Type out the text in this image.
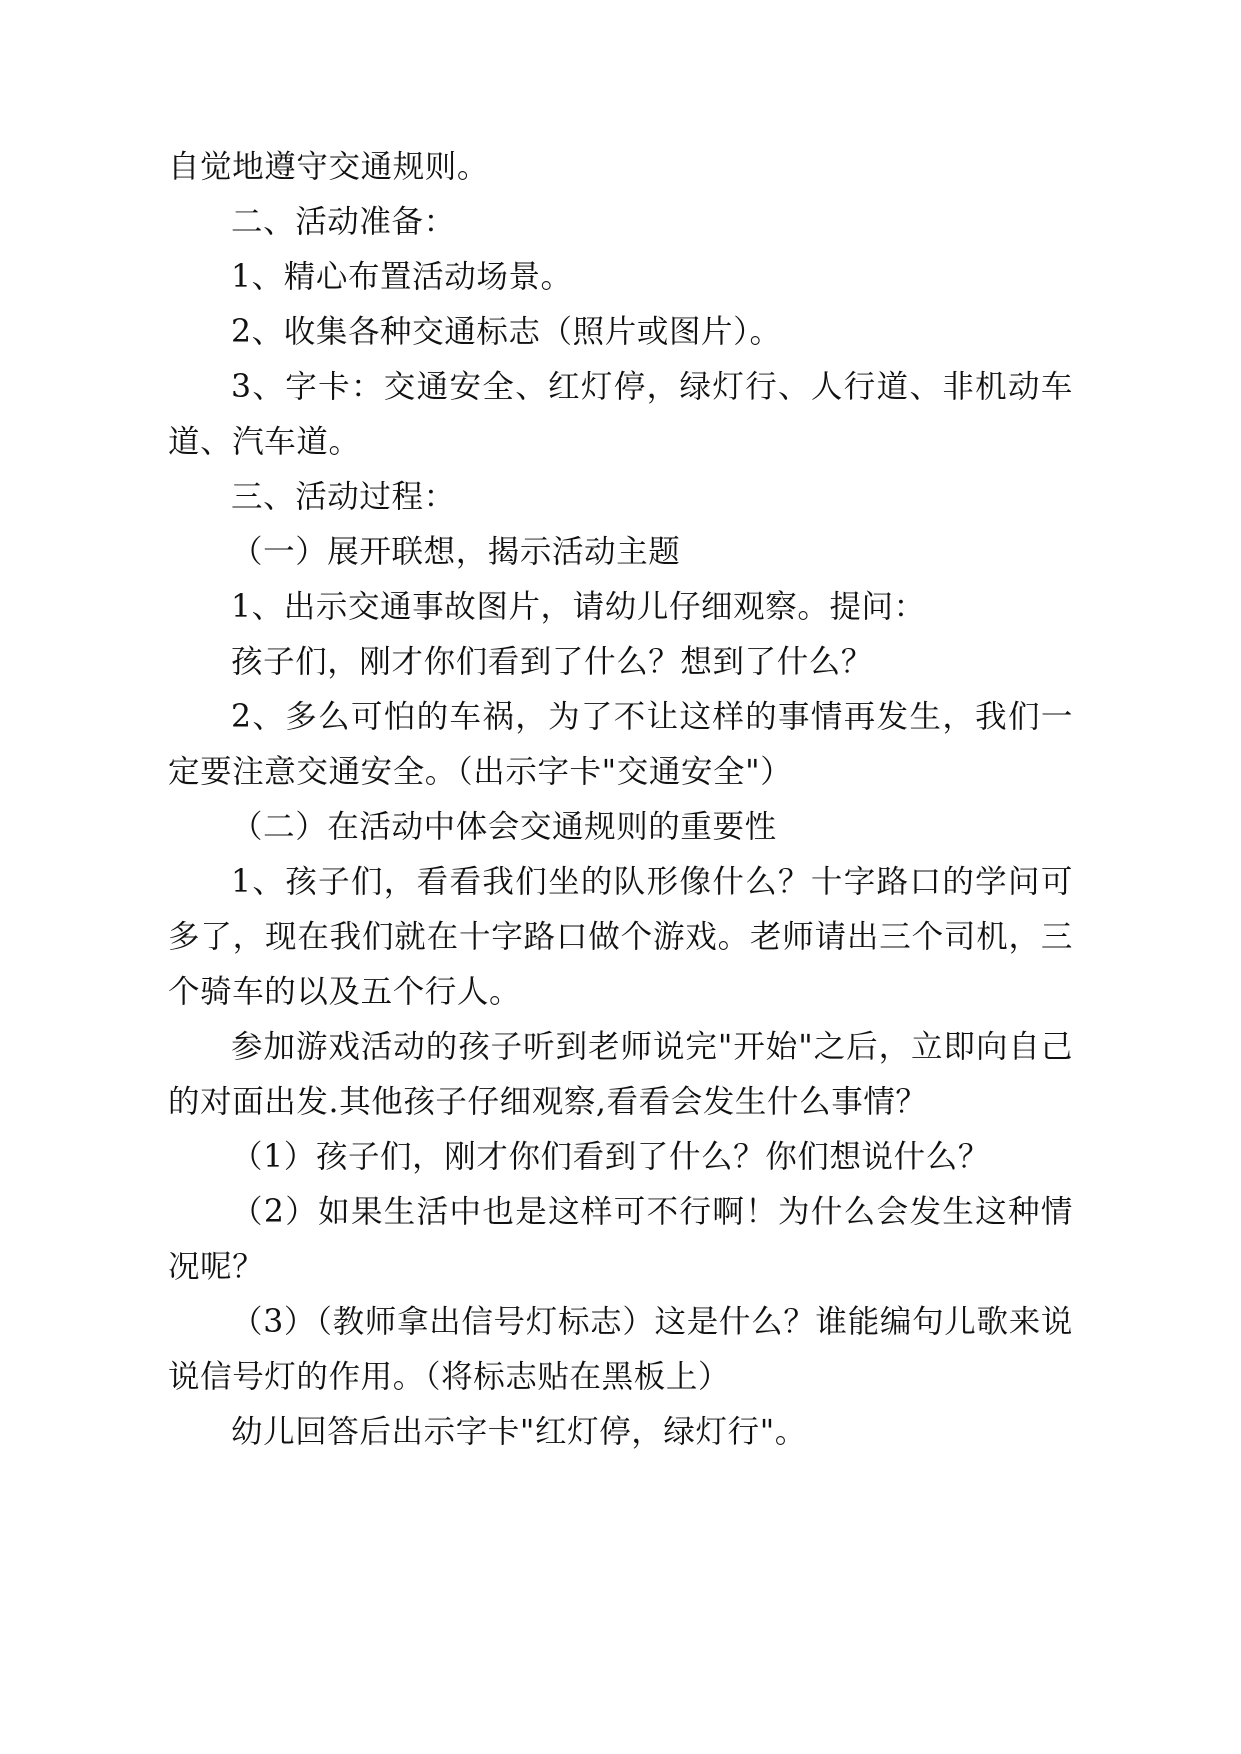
自觉地遵守交通规则。

二、活动准备：

1、精心布置活动场景。

2、收集各种交通标志（照片或图片）。

3、字卡：交通安全、红灯停，绿灯行、人行道、非机动车道、汽车道。

三、活动过程：

（一）展开联想，揭示活动主题

1、出示交通事故图片，请幼儿仔细观察。提问：

孩子们，刚才你们看到了什么？想到了什么？

2、多么可怕的车祸，为了不让这样的事情再发生，我们一定要注意交通安全。（出示字卡"交通安全"）

（二）在活动中体会交通规则的重要性

1、孩子们，看看我们坐的队形像什么？十字路口的学问可多了，现在我们就在十字路口做个游戏。老师请出三个司机，三个骑车的以及五个行人。

参加游戏活动的孩子听到老师说完"开始"之后，立即向自己的对面出发.其他孩子仔细观察,看看会发生什么事情？

（1）孩子们，刚才你们看到了什么？你们想说什么？

（2）如果生活中也是这样可不行啊！为什么会发生这种情况呢？

（3）（教师拿出信号灯标志）这是什么？谁能编句儿歌来说说信号灯的作用。（将标志贴在黑板上）

幼儿回答后出示字卡"红灯停，绿灯行"。
